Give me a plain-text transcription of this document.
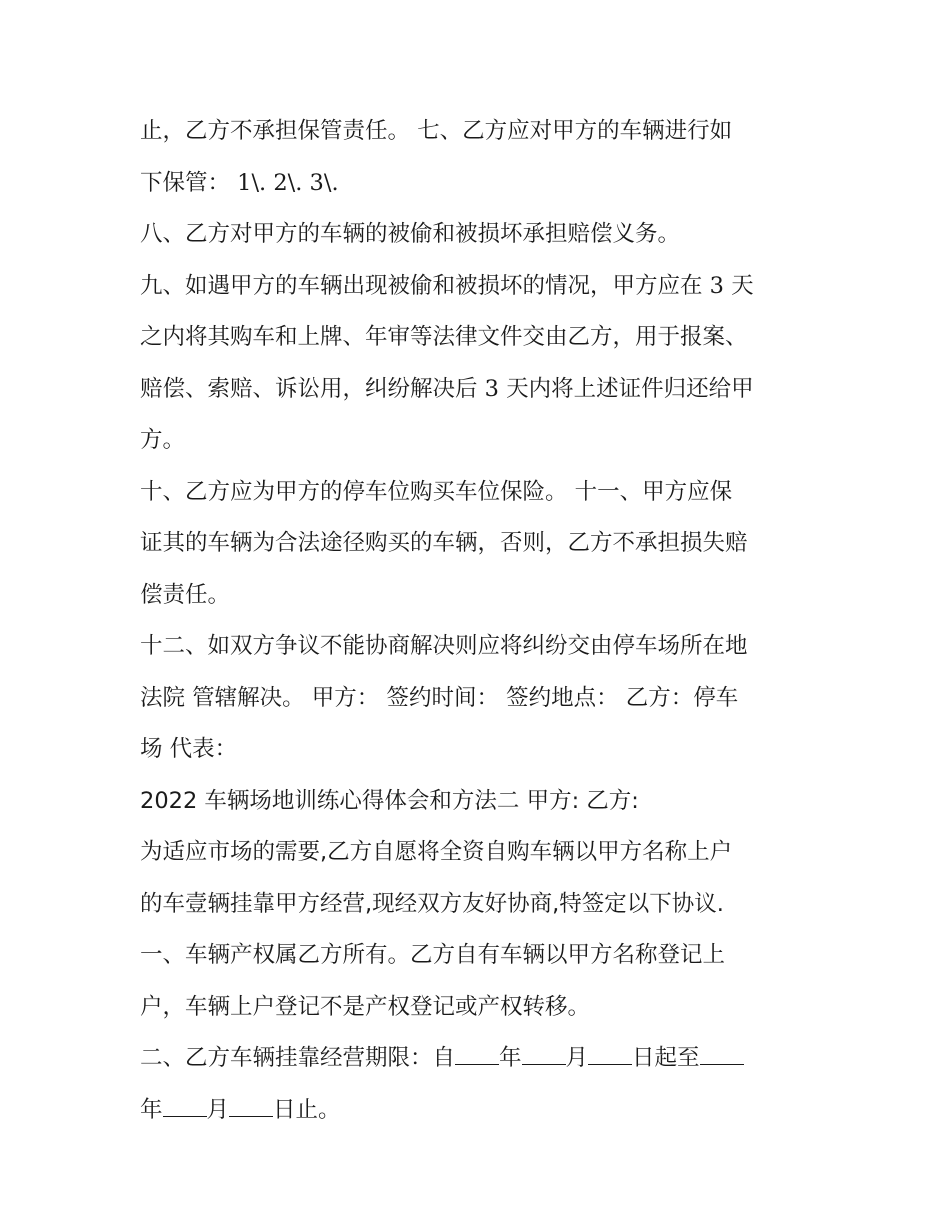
止，乙方不承担保管责任。 七、乙方应对甲方的车辆进行如
下保管： 1\. 2\. 3\.
八、乙方对甲方的车辆的被偷和被损坏承担赔偿义务。
九、如遇甲方的车辆出现被偷和被损坏的情况，甲方应在 3 天
之内将其购车和上牌、年审等法律文件交由乙方，用于报案、
赔偿、索赔、诉讼用，纠纷解决后 3 天内将上述证件归还给甲
方。
十、乙方应为甲方的停车位购买车位保险。 十一、甲方应保
证其的车辆为合法途径购买的车辆，否则，乙方不承担损失赔
偿责任。
十二、如双方争议不能协商解决则应将纠纷交由停车场所在地
法院 管辖解决。 甲方： 签约时间： 签约地点： 乙方：停车
场 代表：
2022 车辆场地训练心得体会和方法二 甲方: 乙方:
为适应市场的需要,乙方自愿将全资自购车辆以甲方名称上户
的车壹辆挂靠甲方经营,现经双方友好协商,特签定以下协议.
一、车辆产权属乙方所有。乙方自有车辆以甲方名称登记上
户，车辆上户登记不是产权登记或产权转移。
二、乙方车辆挂靠经营期限：自 年 月 日起至
年 月 日止。
